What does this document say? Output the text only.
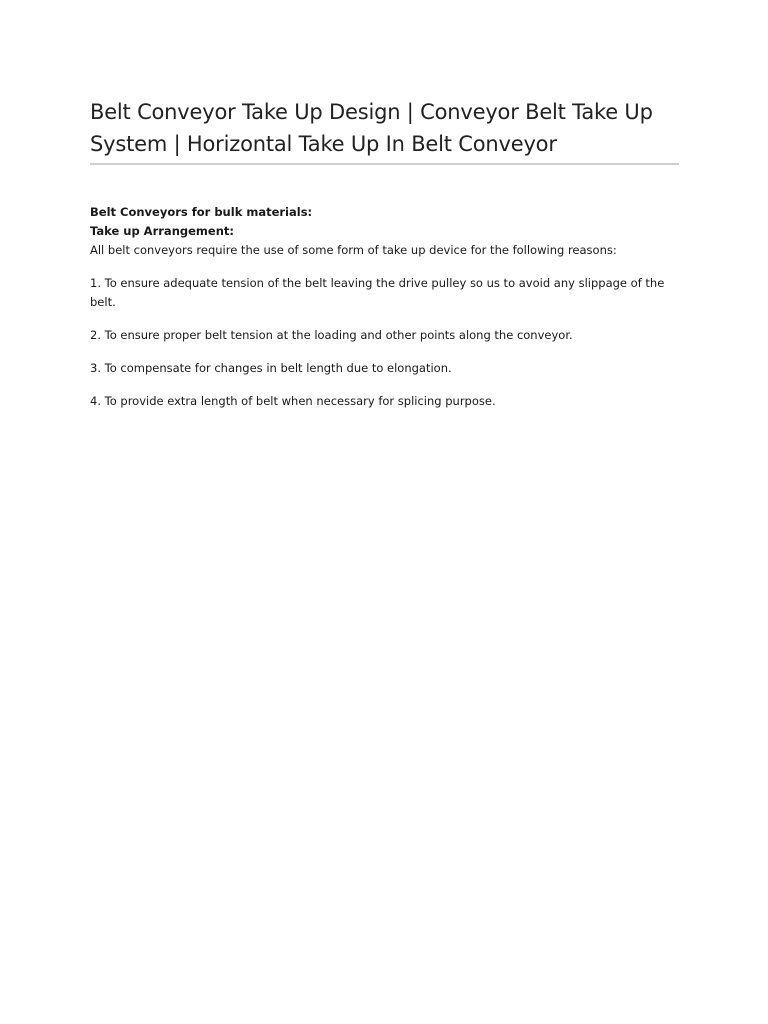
Belt Conveyor Take Up Design | Conveyor Belt Take Up System | Horizontal Take Up In Belt Conveyor

Belt Conveyors for bulk materials:

Take up Arrangement:

All belt conveyors require the use of some form of take up device for the following reasons:

1. To ensure adequate tension of the belt leaving the drive pulley so us to avoid any slippage of the belt.

2. To ensure proper belt tension at the loading and other points along the conveyor.

3. To compensate for changes in belt length due to elongation.

4. To provide extra length of belt when necessary for splicing purpose.
